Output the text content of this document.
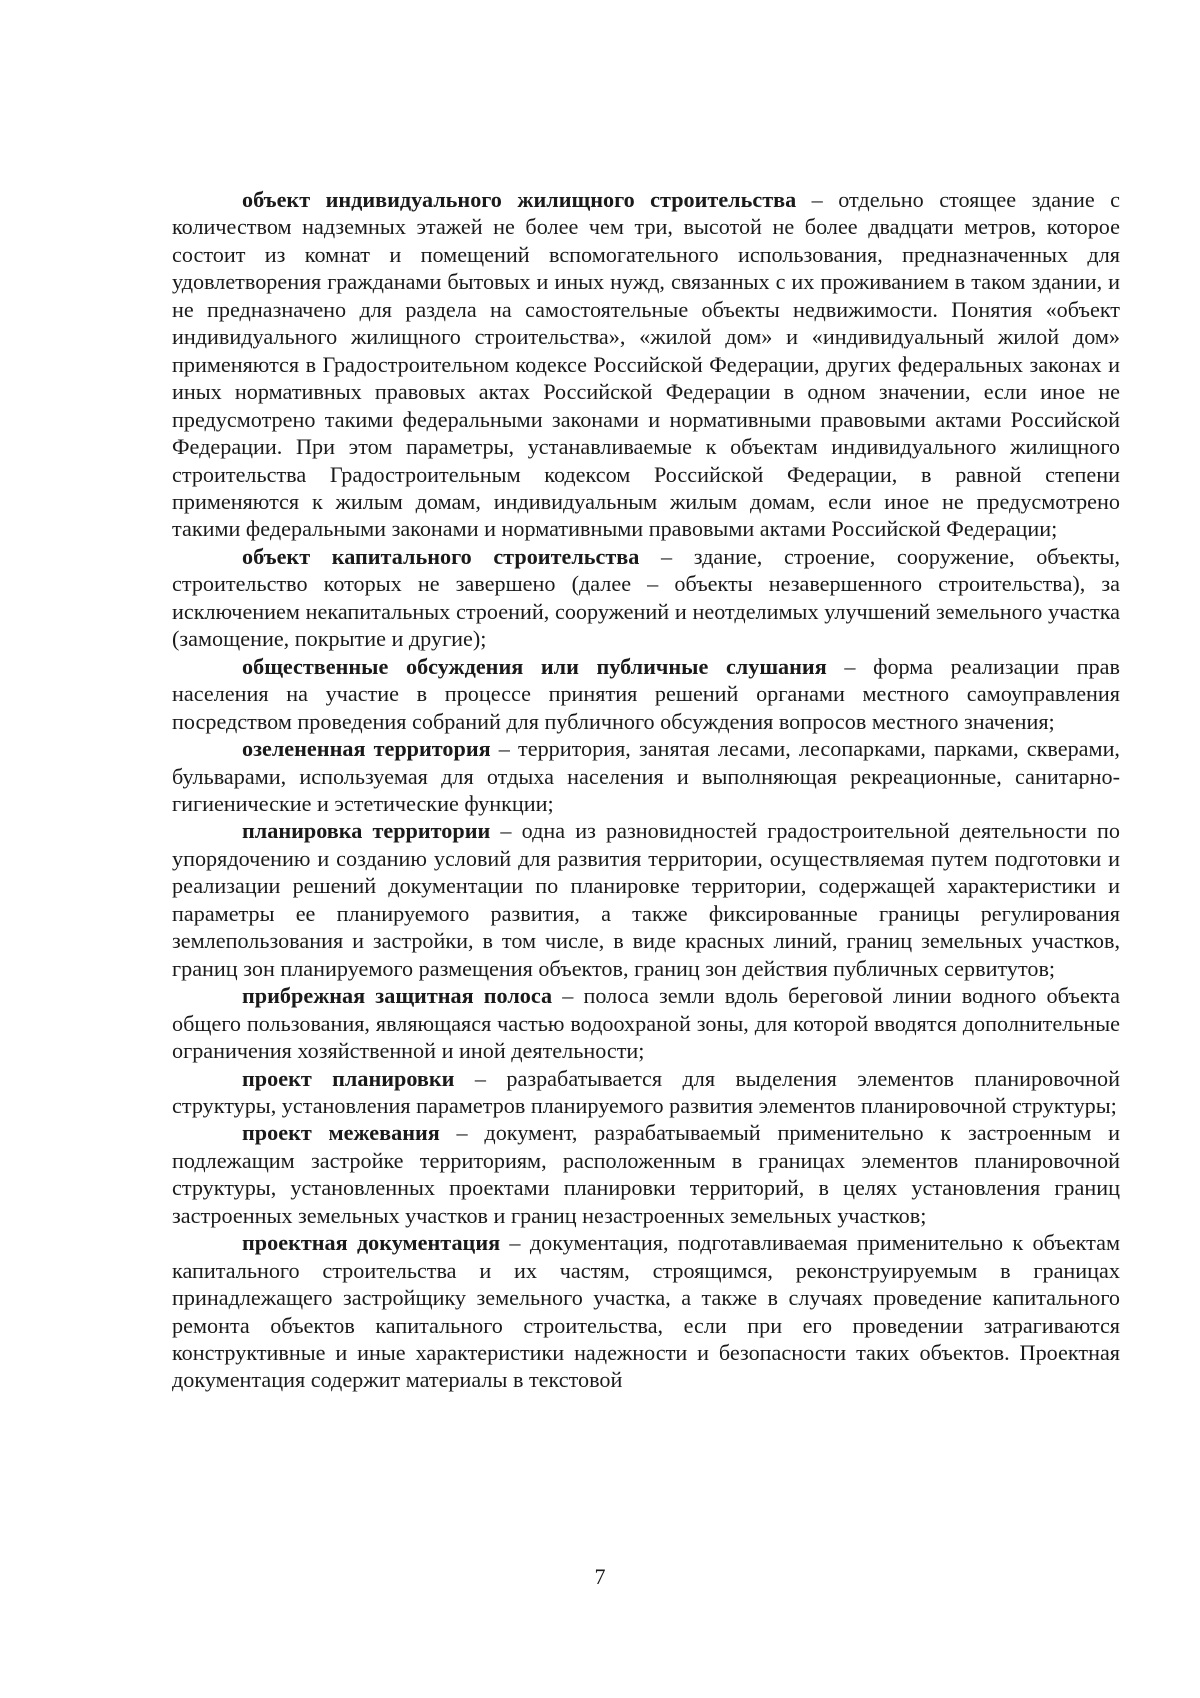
объект индивидуального жилищного строительства – отдельно стоящее здание с количеством надземных этажей не более чем три, высотой не более двадцати метров, которое состоит из комнат и помещений вспомогательного использования, предназначенных для удовлетворения гражданами бытовых и иных нужд, связанных с их проживанием в таком здании, и не предназначено для раздела на самостоятельные объекты недвижимости. Понятия «объект индивидуального жилищного строительства», «жилой дом» и «индивидуальный жилой дом» применяются в Градостроительном кодексе Российской Федерации, других федеральных законах и иных нормативных правовых актах Российской Федерации в одном значении, если иное не предусмотрено такими федеральными законами и нормативными правовыми актами Российской Федерации. При этом параметры, устанавливаемые к объектам индивидуального жилищного строительства Градостроительным кодексом Российской Федерации, в равной степени применяются к жилым домам, индивидуальным жилым домам, если иное не предусмотрено такими федеральными законами и нормативными правовыми актами Российской Федерации;

объект капитального строительства – здание, строение, сооружение, объекты, строительство которых не завершено (далее – объекты незавершенного строительства), за исключением некапитальных строений, сооружений и неотделимых улучшений земельного участка (замощение, покрытие и другие);

общественные обсуждения или публичные слушания – форма реализации прав населения на участие в процессе принятия решений органами местного самоуправления посредством проведения собраний для публичного обсуждения вопросов местного значения;

озелененная территория – территория, занятая лесами, лесопарками, парками, скверами, бульварами, используемая для отдыха населения и выполняющая рекреационные, санитарно-гигиенические и эстетические функции;

планировка территории – одна из разновидностей градостроительной деятельности по упорядочению и созданию условий для развития территории, осуществляемая путем подготовки и реализации решений документации по планировке территории, содержащей характеристики и параметры ее планируемого развития, а также фиксированные границы регулирования землепользования и застройки, в том числе, в виде красных линий, границ земельных участков, границ зон планируемого размещения объектов, границ зон действия публичных сервитутов;

прибрежная защитная полоса – полоса земли вдоль береговой линии водного объекта общего пользования, являющаяся частью водоохраной зоны, для которой вводятся дополнительные ограничения хозяйственной и иной деятельности;

проект планировки – разрабатывается для выделения элементов планировочной структуры, установления параметров планируемого развития элементов планировочной структуры;

проект межевания – документ, разрабатываемый применительно к застроенным и подлежащим застройке территориям, расположенным в границах элементов планировочной структуры, установленных проектами планировки территорий, в целях установления границ застроенных земельных участков и границ незастроенных земельных участков;

проектная документация – документация, подготавливаемая применительно к объектам капитального строительства и их частям, строящимся, реконструируемым в границах принадлежащего застройщику земельного участка, а также в случаях проведение капитального ремонта объектов капитального строительства, если при его проведении затрагиваются конструктивные и иные характеристики надежности и безопасности таких объектов. Проектная документация содержит материалы в текстовой

7
